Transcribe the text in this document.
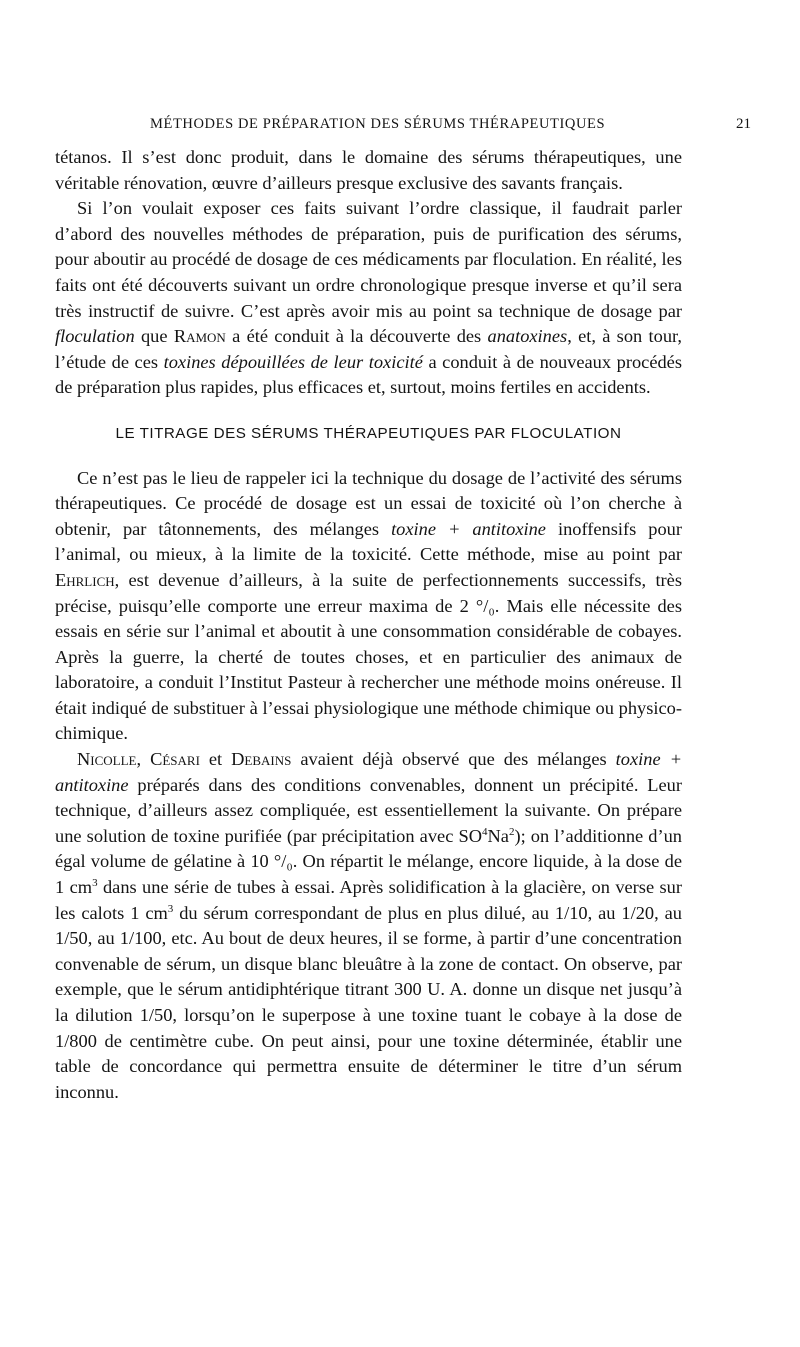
MÉTHODES DE PRÉPARATION DES SÉRUMS THÉRAPEUTIQUES	21

tétanos. Il s’est donc produit, dans le domaine des sérums thérapeutiques, une véritable rénovation, œuvre d’ailleurs presque exclusive des savants français.

Si l’on voulait exposer ces faits suivant l’ordre classique, il faudrait parler d’abord des nouvelles méthodes de préparation, puis de purification des sérums, pour aboutir au procédé de dosage de ces médicaments par floculation. En réalité, les faits ont été découverts suivant un ordre chronologique presque inverse et qu’il sera très instructif de suivre. C’est après avoir mis au point sa technique de dosage par floculation que Ramon a été conduit à la découverte des anatoxines, et, à son tour, l’étude de ces toxines dépouillées de leur toxicité a conduit à de nouveaux procédés de préparation plus rapides, plus efficaces et, surtout, moins fertiles en accidents.

LE TITRAGE DES SÉRUMS THÉRAPEUTIQUES PAR FLOCULATION

Ce n’est pas le lieu de rappeler ici la technique du dosage de l’activité des sérums thérapeutiques. Ce procédé de dosage est un essai de toxicité où l’on cherche à obtenir, par tâtonnements, des mélanges toxine + antitoxine inoffensifs pour l’animal, ou mieux, à la limite de la toxicité. Cette méthode, mise au point par Ehrlich, est devenue d’ailleurs, à la suite de perfectionnements successifs, très précise, puisqu’elle comporte une erreur maxima de 2 °/₀. Mais elle nécessite des essais en série sur l’animal et aboutit à une consommation considérable de cobayes. Après la guerre, la cherté de toutes choses, et en particulier des animaux de laboratoire, a conduit l’Institut Pasteur à rechercher une méthode moins onéreuse. Il était indiqué de substituer à l’essai physiologique une méthode chimique ou physico-chimique.

Nicolle, Césari et Debains avaient déjà observé que des mélanges toxine + antitoxine préparés dans des conditions convenables, donnent un précipité. Leur technique, d’ailleurs assez compliquée, est essentiellement la suivante. On prépare une solution de toxine purifiée (par précipitation avec $SO^4Na^2$); on l’additionne d’un égal volume de gélatine à 10 °/₀. On répartit le mélange, encore liquide, à la dose de 1 $cm^3$ dans une série de tubes à essai. Après solidification à la glacière, on verse sur les calots 1 $cm^3$ du sérum correspondant de plus en plus dilué, au 1/10, au 1/20, au 1/50, au 1/100, etc. Au bout de deux heures, il se forme, à partir d’une concentration convenable de sérum, un disque blanc bleuâtre à la zone de contact. On observe, par exemple, que le sérum antidiphtérique titrant 300 U. A. donne un disque net jusqu’à la dilution 1/50, lorsqu’on le superpose à une toxine tuant le cobaye à la dose de 1/800 de centimètre cube. On peut ainsi, pour une toxine déterminée, établir une table de concordance qui permettra ensuite de déterminer le titre d’un sérum inconnu.
